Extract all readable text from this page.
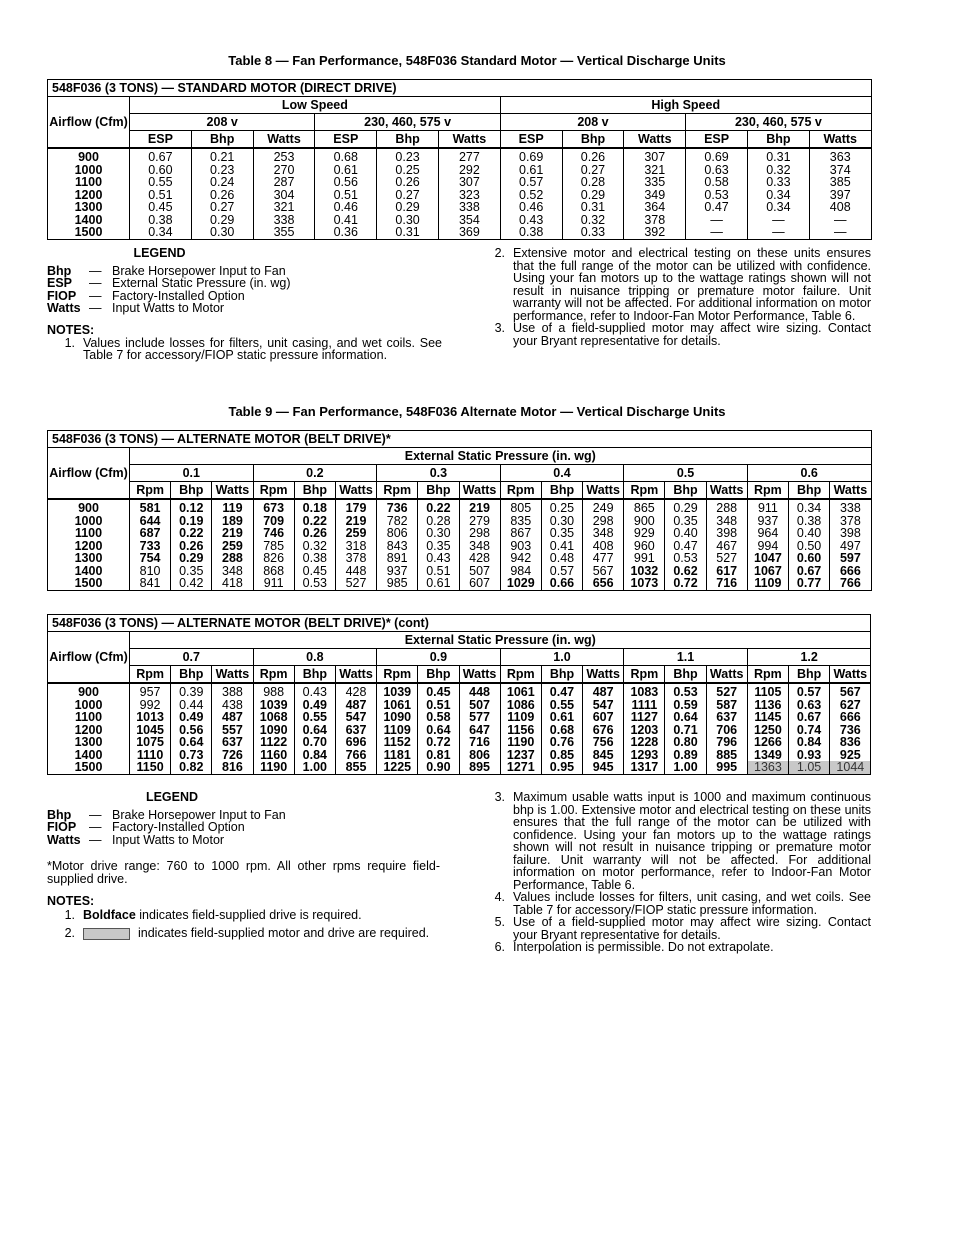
Table 8 — Fan Performance, 548F036 Standard Motor — Vertical Discharge Units
548F036 (3 TONS) — STANDARD MOTOR (DIRECT DRIVE)												
Airflow (Cfm)	Low Speed						High Speed					
	208 v			230, 460, 575 v			208 v			230, 460, 575 v		
	ESP	Bhp	Watts	ESP	Bhp	Watts	ESP	Bhp	Watts	ESP	Bhp	Watts
900	0.67	0.21	253	0.68	0.23	277	0.69	0.26	307	0.69	0.31	363
1000	0.60	0.23	270	0.61	0.25	292	0.61	0.27	321	0.63	0.32	374
1100	0.55	0.24	287	0.56	0.26	307	0.57	0.28	335	0.58	0.33	385
1200	0.51	0.26	304	0.51	0.27	323	0.52	0.29	349	0.53	0.34	397
1300	0.45	0.27	321	0.46	0.29	338	0.46	0.31	364	0.47	0.34	408
1400	0.38	0.29	338	0.41	0.30	354	0.43	0.32	378	—	—	—
1500	0.34	0.30	355	0.36	0.31	369	0.38	0.33	392	—	—	—
LEGEND
Bhp	— Brake Horsepower Input to Fan
ESP	— External Static Pressure (in. wg)
FIOP	— Factory-Installed Option
Watts — Input Watts to Motor
NOTES:
1. Values include losses for filters, unit casing, and wet coils. See Table 7 for accessory/FIOP static pressure information.
2. Extensive motor and electrical testing on these units ensures that the full range of the motor can be utilized with confidence. Using your fan motors up to the wattage ratings shown will not result in nuisance tripping or premature motor failure. Unit warranty will not be affected. For additional information on motor performance, refer to Indoor-Fan Motor Performance, Table 6.
3. Use of a field-supplied motor may affect wire sizing. Contact your Bryant representative for details.
Table 9 — Fan Performance, 548F036 Alternate Motor — Vertical Discharge Units
548F036 (3 TONS) — ALTERNATE MOTOR (BELT DRIVE)*																		
Airflow (Cfm)	External Static Pressure (in. wg)																	
	0.1			0.2			0.3			0.4			0.5			0.6		
	Rpm	Bhp	Watts	Rpm	Bhp	Watts	Rpm	Bhp	Watts	Rpm	Bhp	Watts	Rpm	Bhp	Watts	Rpm	Bhp	Watts
900	581	0.12	119	673	0.18	179	736	0.22	219	805	0.25	249	865	0.29	288	911	0.34	338
1000	644	0.19	189	709	0.22	219	782	0.28	279	835	0.30	298	900	0.35	348	937	0.38	378
1100	687	0.22	219	746	0.26	259	806	0.30	298	867	0.35	348	929	0.40	398	964	0.40	398
1200	733	0.26	259	785	0.32	318	843	0.35	348	903	0.41	408	960	0.47	467	994	0.50	497
1300	754	0.29	288	826	0.38	378	891	0.43	428	942	0.48	477	991	0.53	527	1047	0.60	597
1400	810	0.35	348	868	0.45	448	937	0.51	507	984	0.57	567	1032	0.62	617	1067	0.67	666
1500	841	0.42	418	911	0.53	527	985	0.61	607	1029	0.66	656	1073	0.72	716	1109	0.77	766
548F036 (3 TONS) — ALTERNATE MOTOR (BELT DRIVE)* (cont)																		
Airflow (Cfm)	External Static Pressure (in. wg)																	
	0.7			0.8			0.9			1.0			1.1			1.2		
	Rpm	Bhp	Watts	Rpm	Bhp	Watts	Rpm	Bhp	Watts	Rpm	Bhp	Watts	Rpm	Bhp	Watts	Rpm	Bhp	Watts
900	957	0.39	388	988	0.43	428	1039	0.45	448	1061	0.47	487	1083	0.53	527	1105	0.57	567
1000	992	0.44	438	1039	0.49	487	1061	0.51	507	1086	0.55	547	1111	0.59	587	1136	0.63	627
1100	1013	0.49	487	1068	0.55	547	1090	0.58	577	1109	0.61	607	1127	0.64	637	1145	0.67	666
1200	1045	0.56	557	1090	0.64	637	1109	0.64	647	1156	0.68	676	1203	0.71	706	1250	0.74	736
1300	1075	0.64	637	1122	0.70	696	1152	0.72	716	1190	0.76	756	1228	0.80	796	1266	0.84	836
1400	1110	0.73	726	1160	0.84	766	1181	0.81	806	1237	0.85	845	1293	0.89	885	1349	0.93	925
1500	1150	0.82	816	1190	1.00	855	1225	0.90	895	1271	0.95	945	1317	1.00	995	1363	1.05	1044
LEGEND
Bhp	— Brake Horsepower Input to Fan
FIOP	— Factory-Installed Option
Watts — Input Watts to Motor
*Motor drive range: 760 to 1000 rpm. All other rpms require field-supplied drive.
NOTES:
1. Boldface indicates field-supplied drive is required.
2.	indicates field-supplied motor and drive are required.
3. Maximum usable watts input is 1000 and maximum continuous bhp is 1.00. Extensive motor and electrical testing on these units ensures that the full range of the motor can be utilized with confidence. Using your fan motors up to the wattage ratings shown will not result in nuisance tripping or premature motor failure. Unit warranty will not be affected. For additional information on motor performance, refer to Indoor-Fan Motor Performance, Table 6.
4. Values include losses for filters, unit casing, and wet coils. See Table 7 for accessory/FIOP static pressure information.
5. Use of a field-supplied motor may affect wire sizing. Contact your Bryant representative for details.
6. Interpolation is permissible. Do not extrapolate.
